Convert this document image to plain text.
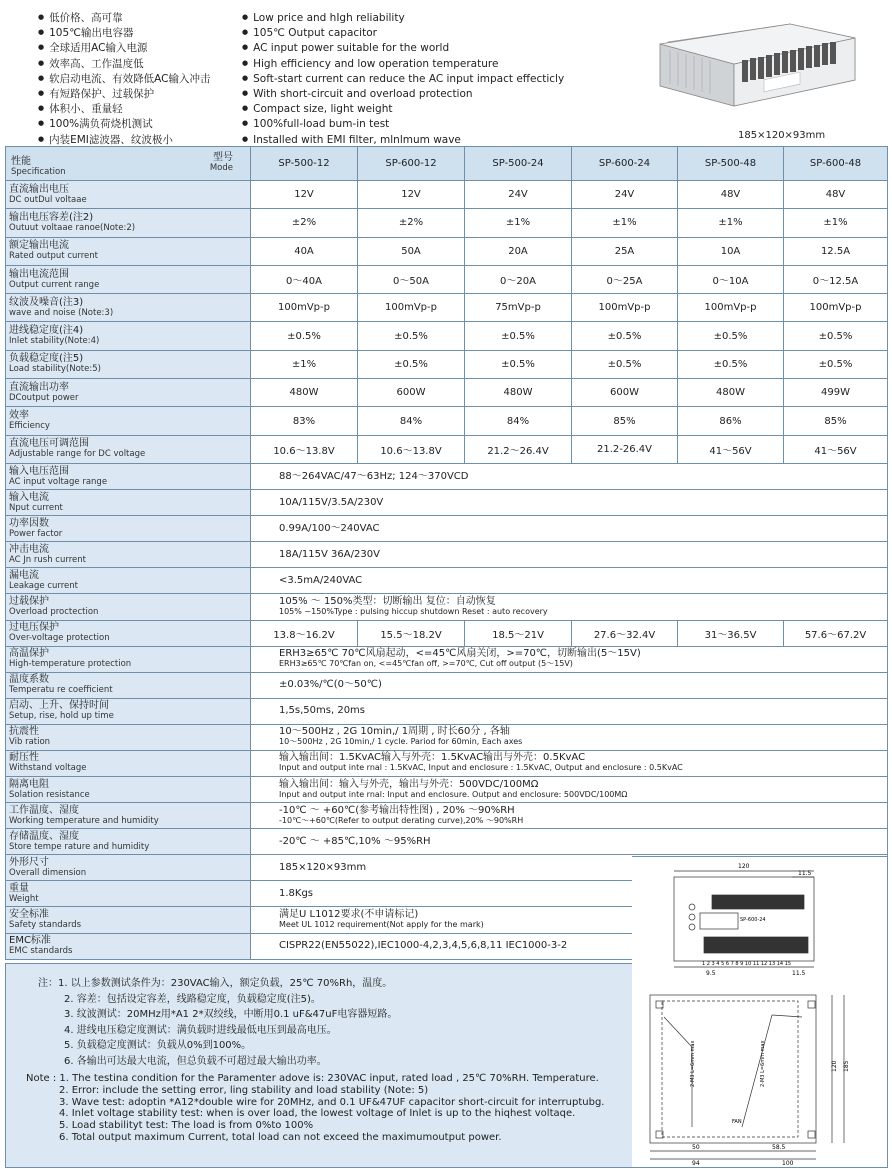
● 低价格、高可靠
● 105℃输出电容器
● 全球适用AC输入电源
● 效率高、工作温度低
● 软启动电流、有效降低AC输入冲击
● 有短路保护、过载保护
● 体积小、重量轻
● 100%满负荷烧机测试
● 内装EMI滤波器、纹波极小
● Low price and hIgh reliability
● 105℃ Output capacitor
● AC input power suitable for the world
● High efficiency and low operation temperature
● Soft-start current can reduce the AC input impact effecticly
● With short-circuit and overload protection
● Compact size, light weight
● 100%full-load bum-in test
● Installed with EMI filter, mlnlmum wave	185×120×93mm
型号
Mode
性能
Specification	SP-500-12	SP-600-12	SP-500-24	SP-600-24	SP-500-48	SP-600-48

直流输出电压
DC outDul voltaae	12V	12V	24V	24V	48V	48V

输出电压容差(注2)
Outuut voltaae ranoe(Note:2)	±2%	±2%	±1%	±1%	±1%	±1%

额定输出电流
Rated output current	40A	50A	20A	25A	10A	12.5A

输出电流范围
Output current range	0～40A	0～50A	0～20A	0～25A	0～10A	0～12.5A

纹波及噪音(注3)
wave and noise (Note:3)	100mVp-p	100mVp-p	75mVp-p	100mVp-p	100mVp-p	100mVp-p

进线稳定度(注4)
Inlet stability(Note:4)	±0.5%	±0.5%	±0.5%	±0.5%	±0.5%	±0.5%

负载稳定度(注5)
Load stability(Note:5)	±1%	±0.5%	±0.5%	±0.5%	±0.5%	±0.5%

直流输出功率
DCoutput power	480W	600W	480W	600W	480W	499W

效率
Efficiency	83%	84%	84%	85%	86%	85%

直流电压可调范围
Adjustable range for DC voltage	10.6～13.8V	10.6～13.8V	21.2～26.4V	21.2-26.4V	41～56V	41～56V

输入电压范围
AC input voltage range	88～264VAC/47～63Hz; 124～370VCD					

输入电流
Nput current	10A/115V/3.5A/230V					

功率因数
Power factor	0.99A/100～240VAC					

冲击电流
AC Jn rush current	18A/115V 36A/230V					

漏电流
Leakage current	<3.5mA/240VAC					

过载保护
Overload proctection	105% ～ 150%类型：切断输出 复位：自动恢复
105% ~150%Type : pulsing hiccup shutdown Reset : auto recovery					

过电压保护
Over-voltage protection	13.8～16.2V	15.5～18.2V	18.5～21V	27.6～32.4V	31～36.5V	57.6～67.2V

高温保护
High-temperature protection	ERH3≥65℃ 70℃风扇起动，<=45℃风扇关闭，>=70℃，切断输出(5～15V)
ERH3≥65℃ 70℃fan on, <=45℃fan off, >=70℃, Cut off output (5～15V)					

温度系数
Temperatu re coefficient	±0.03%/℃(0～50℃)					

启动、上升、保持时间
Setup, rise, hold up time	1,5s,50ms, 20ms					

抗震性
Vib ration	10～500Hz , 2G 10min,/ 1周期 , 时长60分 , 各轴
10～500Hz , 2G 10min,/ 1 cycle. Pariod for 60min, Each axes					

耐压性
Withstand voltage	输入输出间：1.5KvAC输入与外壳：1.5KvAC输出与外壳：0.5KvAC
Input and output inte rnal : 1.5KvAC, Input and enclosure : 1.5KvAC, Output and enclosure : 0.5KvAC					

隔离电阻
Solation resistance	输入输出间：输入与外壳，输出与外壳：500VDC/100MΩ
Input and output inte rnal: Input and enclosure. Output and enclosure: 500VDC/100MΩ					

工作温度、湿度
Working temperature and humidity	-10℃ ～ +60℃(参考输出特性图) , 20% ～90%RH
-10℃～+60℃(Refer to output derating curve),20% ～90%RH					

存储温度、湿度
Store tempe rature and humidity	-20℃ ～ +85℃,10% ～95%RH					

外形尺寸
Overall dimension	185×120×93mm					

重量
Weight	1.8Kgs					

安全标准
Safety standards	满足U L1012要求(不申请标记)
Meet UL 1012 requirement(Not apply for the mark)					

EMC标准
EMC standards	CISPR22(EN55022),IEC1000-4,2,3,4,5,6,8,11 IEC1000-3-2					
注：1. 以上参数测试条件为：230VAC输入，额定负载，25℃ 70%Rh，温度。
2. 容差：包括设定容差，线路稳定度，负载稳定度(注5)。
3. 纹波测试：20MHz用*A1 2*双绞线，中断用0.1 uF&47uF电容器短路。
4. 进线电压稳定度测试：满负载时进线最低电压到最高电压。
5. 负载稳定度测试：负载从0%到100%。
6. 各输出可达最大电流，但总负载不可超过最大输出功率。
Note : 1. The testina condition for the Paramenter adove is: 230VAC input, rated load , 25℃ 70%RH. Temperature.
2. Error: include the setting error, ling stability and load stability (Note: 5)
3. Wave test: adoptin *A12*double wire for 20MHz, and 0.1 UF&47UF capacitor short-circuit for interruptubg.
4. Inlet voltage stability test: when is over load, the lowest voltage of Inlet is up to the hiqhest voltaqe.
5. Load stabilityt test: The load is from 0%to 100%
6. Total output maximum Current, total load can not exceed the maximumoutput power.
120
11.5
1 2 3 4 5 6 7 8 9 10 11 12 13 14 15
9.5	11.5
SP-600-24
120 185
2-M3 L=6mm max	2-M3 L=6mm max
FAN
50	58.5
94	100
